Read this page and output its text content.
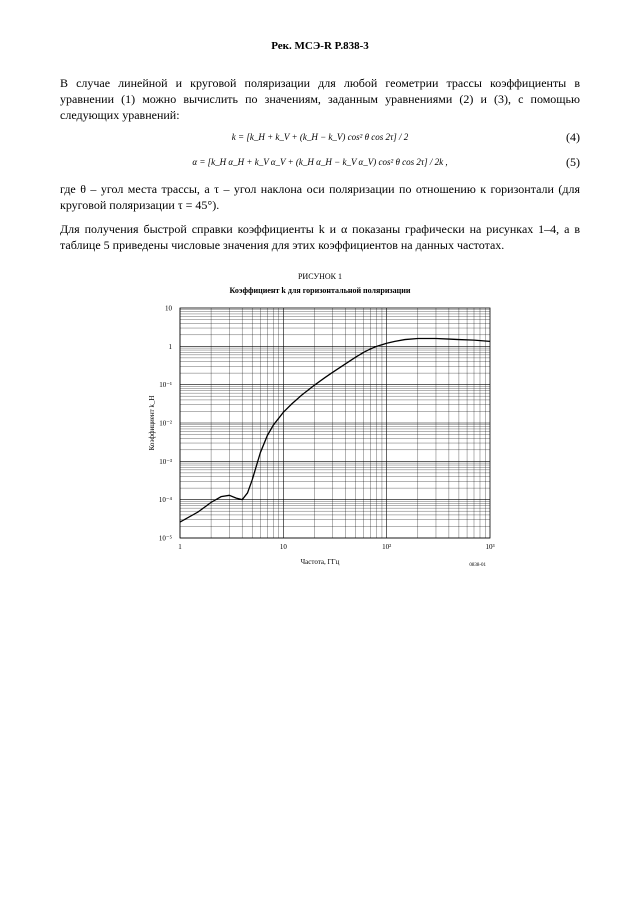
Рек. МСЭ-R P.838-3
В случае линейной и круговой поляризации для любой геометрии трассы коэффициенты в уравнении (1) можно вычислить по значениям, заданным уравнениями (2) и (3), с помощью следующих уравнений:
k = [k_H + k_V + (k_H − k_V) cos² θ cos 2τ] / 2	(4)
α = [k_H α_H + k_V α_V + (k_H α_H − k_V α_V) cos² θ cos 2τ] / 2k ,	(5)
где θ – угол места трассы, а τ – угол наклона оси поляризации по отношению к горизонтали (для круговой поляризации τ = 45°).
Для получения быстрой справки коэффициенты k и α показаны графически на рисунках 1–4, а в таблице 5 приведены числовые значения для этих коэффициентов на данных частотах.
РИСУНОК 1
Коэффициент k для горизонтальной поляризации
10
1
10⁻¹
10⁻²
10⁻³
10⁻⁴
10⁻⁵
1	10	10²	10³
Частота, ГГц
Коэффициент k_H
0838-01
